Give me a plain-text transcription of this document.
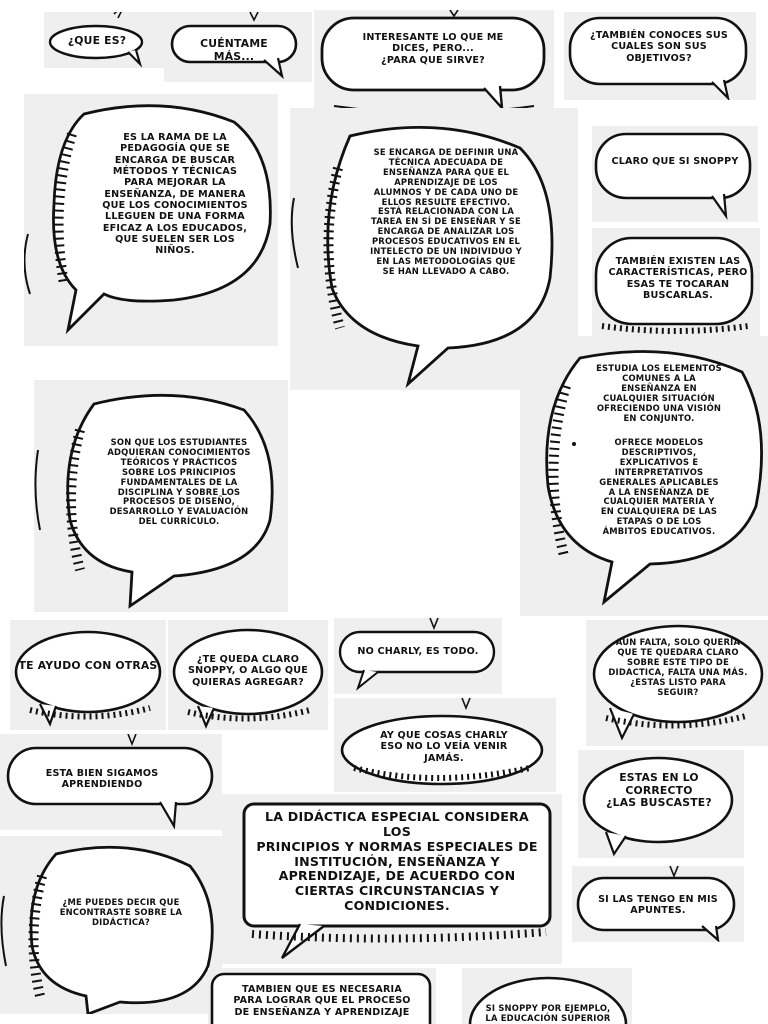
¿QUE ES?	CUÉNTAME MÁS...
INTERESANTE LO QUE ME
DICES, PERO...
¿PARA QUE SIRVE?
¿TAMBIÉN CONOCES SUS
CUALES SON SUS
OBJETIVOS?
ES LA RAMA DE LA
PEDAGOGÍA QUE SE
ENCARGA DE BUSCAR
MÉTODOS Y TÉCNICAS
PARA MEJORAR LA
ENSEÑANZA, DE MANERA
QUE LOS CONOCIMIENTOS
LLEGUEN DE UNA FORMA
EFICAZ A LOS EDUCADOS,
QUE SUELEN SER LOS
NIÑOS.
SE ENCARGA DE DEFINIR UNA
TÉCNICA ADECUADA DE
ENSEÑANZA PARA QUE EL
APRENDIZAJE DE LOS
ALUMNOS Y DE CADA UNO DE
ELLOS RESULTE EFECTIVO.
ESTÁ RELACIONADA CON LA
TAREA EN SÍ DE ENSEÑAR Y SE
ENCARGA DE ANALIZAR LOS
PROCESOS EDUCATIVOS EN EL
INTELECTO DE UN INDIVIDUO Y
EN LAS METODOLOGÍAS QUE
SE HAN LLEVADO A CABO.
CLARO QUE SI SNOPPY
TAMBIÉN EXISTEN LAS
CARACTERÍSTICAS, PERO
ESAS TE TOCARAN
BUSCARLAS.
SON QUE LOS ESTUDIANTES
ADQUIERAN CONOCIMIENTOS
TEÓRICOS Y PRÁCTICOS
SOBRE LOS PRINCIPIOS
FUNDAMENTALES DE LA
DISCIPLINA Y SOBRE LOS
PROCESOS DE DISEÑO,
DESARROLLO Y EVALUACIÓN
DEL CURRÍCULO.
ESTUDIA LOS ELEMENTOS
COMUNES A LA
ENSEÑANZA EN
CUALQUIER SITUACIÓN
OFRECIENDO UNA VISIÓN
EN CONJUNTO.
OFRECE MODELOS
DESCRIPTIVOS,
EXPLICATIVOS E
INTERPRETATIVOS
GENERALES APLICABLES
A LA ENSEÑANZA DE
CUALQUIER MATERIA Y
EN CUALQUIERA DE LAS
ETAPAS O DE LOS
ÁMBITOS EDUCATIVOS.
TE AYUDO CON OTRAS	¿TE QUEDA CLARO
SNOPPY, O ALGO QUE
QUIERAS AGREGAR?
NO CHARLY, ES TODO.
AUN FALTA, SOLO QUERÍA
QUE TE QUEDARA CLARO
SOBRE ESTE TIPO DE
DIDACTICA, FALTA UNA MÁS.
¿ESTAS LISTO PARA
SEGUIR?
AY QUE COSAS CHARLY
ESO NO LO VEÍA VENIR
JAMÁS.
ESTA BIEN SIGAMOS
APRENDIENDO
ESTAS EN LO
CORRECTO
¿LAS BUSCASTE?
LA DIDÁCTICA ESPECIAL CONSIDERA LOS
PRINCIPIOS Y NORMAS ESPECIALES DE
INSTITUCIÓN, ENSEÑANZA Y
APRENDIZAJE, DE ACUERDO CON
CIERTAS CIRCUNSTANCIAS Y
CONDICIONES.
¿ME PUEDES DECIR QUE
ENCONTRASTE SOBRE LA
DIDÁCTICA?
SI LAS TENGO EN MIS
APUNTES.
TAMBIEN QUE ES NECESARIA
PARA LOGRAR QUE EL PROCESO
DE ENSEÑANZA Y APRENDIZAJE	SI SNOPPY POR EJEMPLO,
LA EDUCACIÓN SUPERIOR
